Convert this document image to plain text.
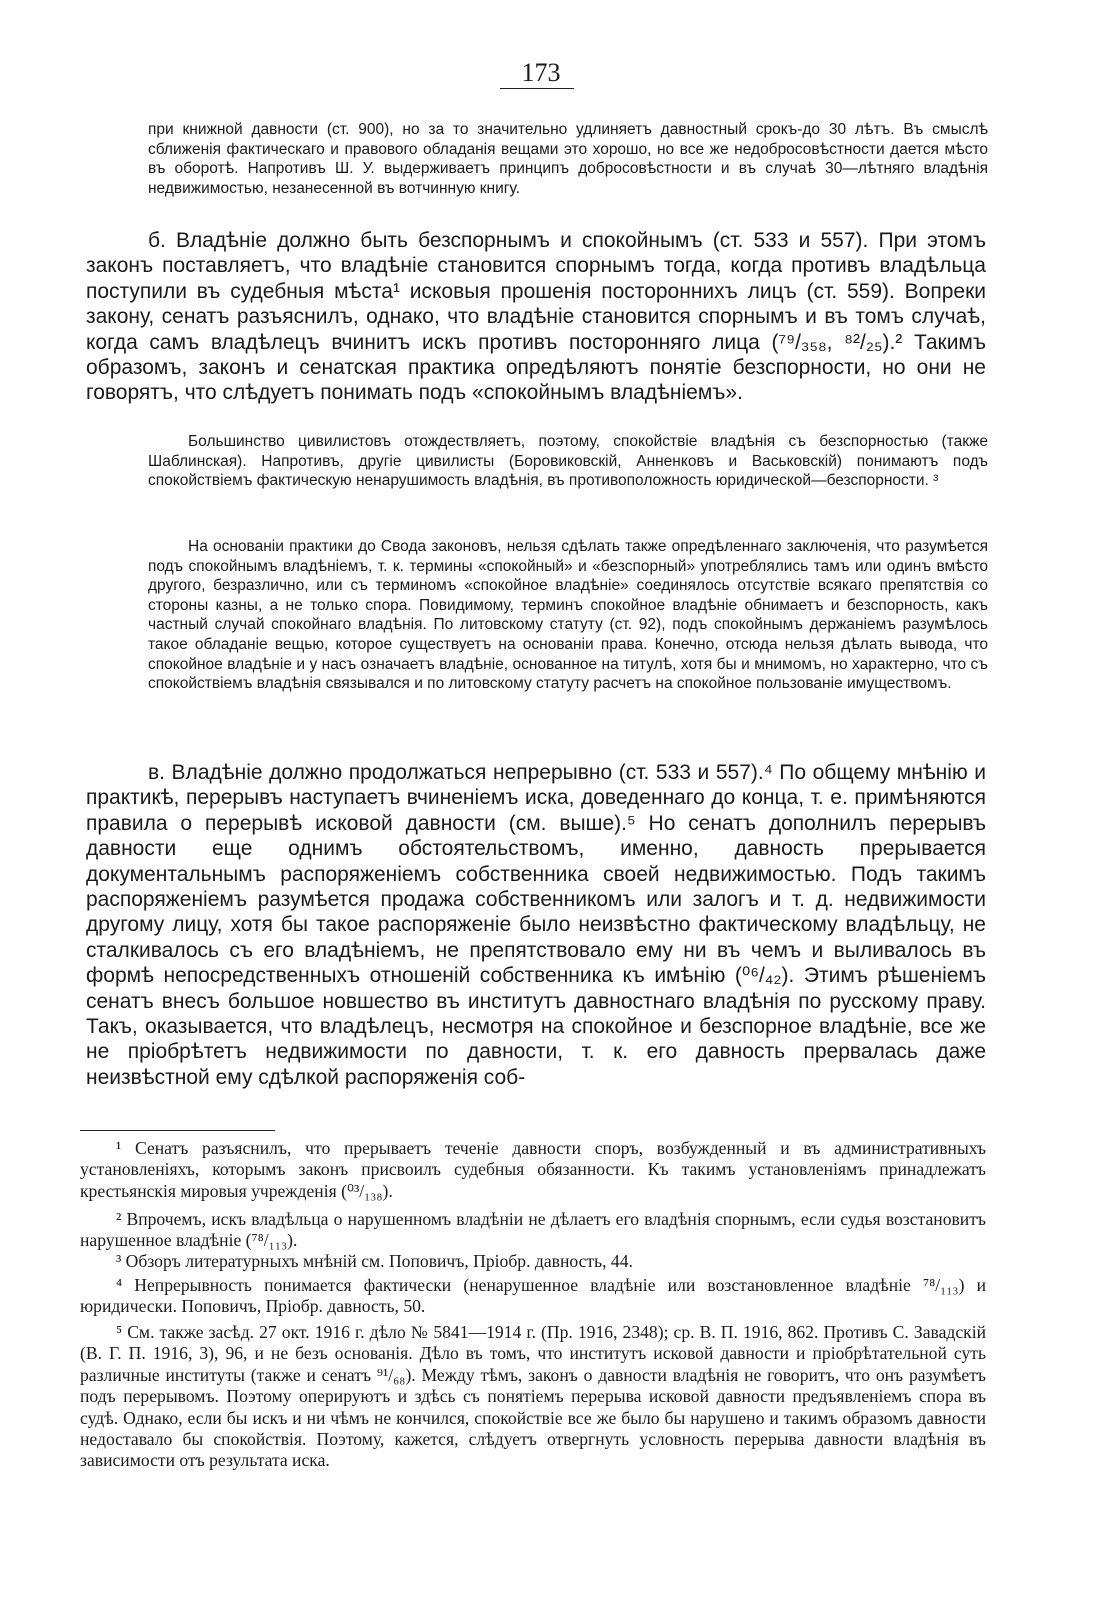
173

при книжной давности (ст. 900), но за то значительно удлиняетъ давностный срокъ-до 30 лѣтъ. Въ смыслѣ сближенія фактическаго и правового обладанія вещами это хорошо, но все же недобросовѣстности дается мѣсто въ оборотѣ. Напротивъ Ш. У. выдерживаетъ принципъ добросовѣстности и въ случаѣ 30—лѣтняго владѣнія недвижимостью, незанесенной въ вотчинную книгу.

б. Владѣніе должно быть безспорнымъ и спокойнымъ (ст. 533 и 557). При этомъ законъ поставляетъ, что владѣніе становится спорнымъ тогда, когда противъ владѣльца поступили въ судебныя мѣста¹ исковыя прошенія постороннихъ лицъ (ст. 559). Вопреки закону, сенатъ разъяснилъ, однако, что владѣніе становится спорнымъ и въ томъ случаѣ, когда самъ владѣлецъ вчинитъ искъ противъ посторонняго лица (⁷⁹/₃₅₈, ⁸²/₂₅).² Такимъ образомъ, законъ и сенатская практика опредѣляютъ понятіе безспорности, но они не говорятъ, что слѣдуетъ понимать подъ «спокойнымъ владѣніемъ».

Большинство цивилистовъ отождествляетъ, поэтому, спокойствіе владѣнія съ безспорностью (также Шаблинская). Напротивъ, другіе цивилисты (Боровиковскій, Анненковъ и Васьковскій) понимаютъ подъ спокойствіемъ фактическую ненарушимость владѣнія, въ противоположность юридической—безспорности. ³

На основаніи практики до Свода законовъ, нельзя сдѣлать также опредѣленнаго заключенія, что разумѣется подъ спокойнымъ владѣніемъ, т. к. термины «спокойный» и «безспорный» употреблялись тамъ или одинъ вмѣсто другого, безразлично, или съ терминомъ «спокойное владѣніе» соединялось отсутствіе всякаго препятствія со стороны казны, а не только спора. Повидимому, терминъ спокойное владѣніе обнимаетъ и безспорность, какъ частный случай спокойнаго владѣнія. По литовскому статуту (ст. 92), подъ спокойнымъ держаніемъ разумѣлось такое обладаніе вещью, которое существуетъ на основаніи права. Конечно, отсюда нельзя дѣлать вывода, что спокойное владѣніе и у насъ означаетъ владѣніе, основанное на титулѣ, хотя бы и мнимомъ, но характерно, что съ спокойствіемъ владѣнія связывался и по литовскому статуту расчетъ на спокойное пользованіе имуществомъ.

в. Владѣніе должно продолжаться непрерывно (ст. 533 и 557).⁴ По общему мнѣнію и практикѣ, перерывъ наступаетъ вчиненіемъ иска, доведеннаго до конца, т. е. примѣняются правила о перерывѣ исковой давности (см. выше).⁵ Но сенатъ дополнилъ перерывъ давности еще однимъ обстоятельствомъ, именно, давность прерывается документальнымъ распоряженіемъ собственника своей недвижимостью. Подъ такимъ распоряженіемъ разумѣется продажа собственникомъ или залогъ и т. д. недвижимости другому лицу, хотя бы такое распоряженіе было неизвѣстно фактическому владѣльцу, не сталкивалось съ его владѣніемъ, не препятствовало ему ни въ чемъ и выливалось въ формѣ непосредственныхъ отношеній собственника къ имѣнію (⁰⁶/₄₂). Этимъ рѣшеніемъ сенатъ внесъ большое новшество въ институтъ давностнаго владѣнія по русскому праву. Такъ, оказывается, что владѣлецъ, несмотря на спокойное и безспорное владѣніе, все же не пріобрѣтетъ недвижимости по давности, т. к. его давность прервалась даже неизвѣстной ему сдѣлкой распоряженія соб-

¹ Сенатъ разъяснилъ, что прерываетъ теченіе давности споръ, возбужденный и въ административныхъ установленіяхъ, которымъ законъ присвоилъ судебныя обязанности. Къ такимъ установленіямъ принадлежатъ крестьянскія мировыя учрежденія (⁰³/₁₃₈).

² Впрочемъ, искъ владѣльца о нарушенномъ владѣніи не дѣлаетъ его владѣнія спорнымъ, если судья возстановитъ нарушенное владѣніе (⁷⁸/₁₁₃).

³ Обзоръ литературныхъ мнѣній см. Поповичъ, Пріобр. давность, 44.

⁴ Непрерывность понимается фактически (ненарушенное владѣніе или возстановленное владѣніе ⁷⁸/₁₁₃) и юридически. Поповичъ, Пріобр. давность, 50.

⁵ См. также засѣд. 27 окт. 1916 г. дѣло № 5841—1914 г. (Пр. 1916, 2348); ср. В. П. 1916, 862. Противъ С. Завадскій (В. Г. П. 1916, 3), 96, и не безъ основанія. Дѣло въ томъ, что институтъ исковой давности и пріобрѣтательной суть различные институты (также и сенатъ ⁹¹/₆₈). Между тѣмъ, законъ о давности владѣнія не говоритъ, что онъ разумѣетъ подъ перерывомъ. Поэтому оперируютъ и здѣсь съ понятіемъ перерыва исковой давности предъявленіемъ спора въ судѣ. Однако, если бы искъ и ни чѣмъ не кончился, спокойствіе все же было бы нарушено и такимъ образомъ давности недоставало бы спокойствія. Поэтому, кажется, слѣдуетъ отвергнуть условность перерыва давности владѣнія въ зависимости отъ результата иска.
